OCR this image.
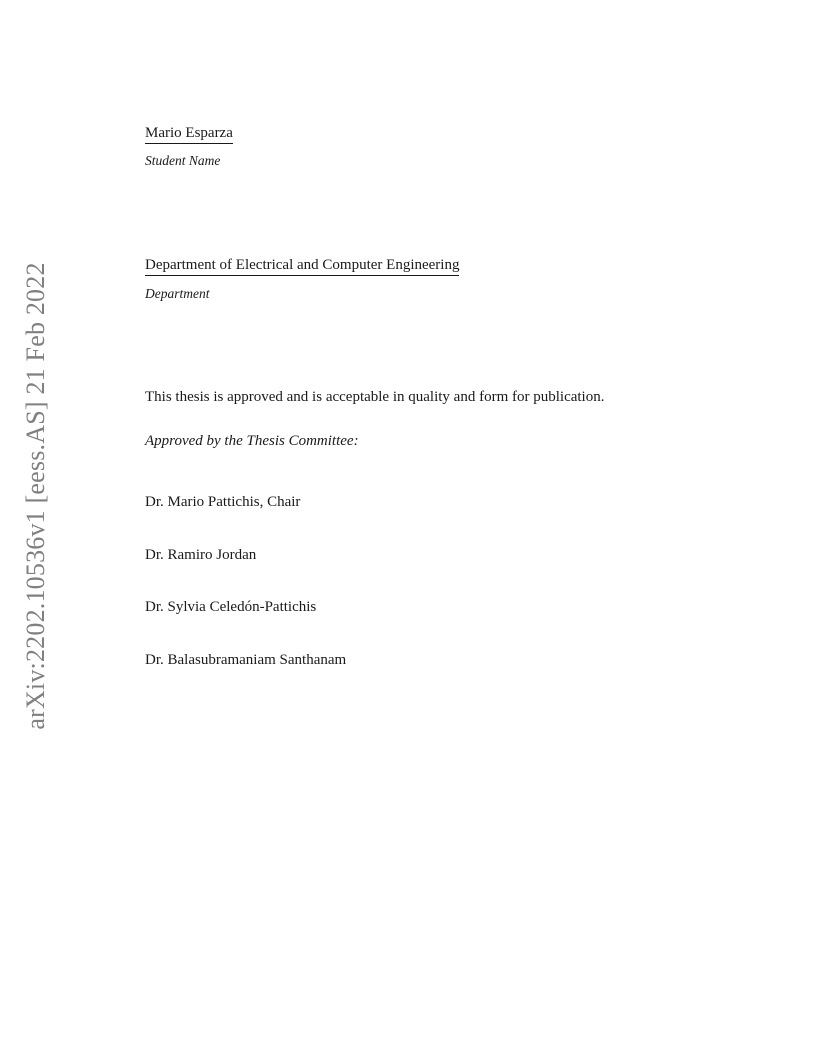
arXiv:2202.10536v1 [eess.AS] 21 Feb 2022
Mario Esparza
Student Name
Department of Electrical and Computer Engineering
Department
This thesis is approved and is acceptable in quality and form for publication.
Approved by the Thesis Committee:
Dr. Mario Pattichis, Chair
Dr. Ramiro Jordan
Dr. Sylvia Celedón-Pattichis
Dr. Balasubramaniam Santhanam
